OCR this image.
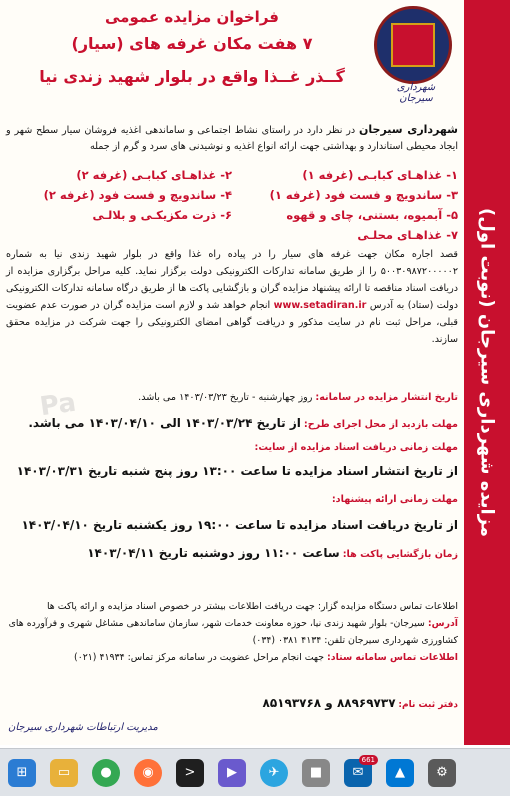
مزایده شهرداری سیرجان (نوبت اول)
شهرداری سیرجان
فراخوان مزایده عمومی
۷ هفت مکان غرفه های (سیار)
گــذر غــذا واقع در بلوار شهید زندی نیا
شهرداری سیرجان در نظر دارد در راستای نشاط اجتماعی و ساماندهی اغذیه فروشان سیار سطح شهر و ایجاد محیطی استاندارد و بهداشتی جهت ارائه انواع اغذیه و نوشیدنی های سرد و گرم از جمله
۱- غذاهـای کبابـی (غرفه ۱)
۲- غذاهـای کبابـی (غرفه ۲)
۳- ساندویچ و فست فود (غرفه ۱)
۴- ساندویچ و فست فود (غرفه ۲)
۵- آبمیوه، بستنی، چای و قهوه
۶- ذرت مکزیکـی و بلالـی
۷- غذاهـای محلـی
قصد اجاره مکان جهت غرفه های سیار را در پیاده راه غذا واقع در بلوار شهید زندی نیا به شماره ۵۰۰۳۰۹۸۷۲۰۰۰۰۰۲ را از طریق سامانه تدارکات الکترونیکی دولت برگزار نماید. کلیه مراحل برگزاری مزایده از دریافت اسناد مناقصه تا ارائه پیشنهاد مزایده گران و بازگشایی پاکت ها از طریق درگاه سامانه تدارکات الکترونیکی دولت (ستاد) به آدرس www.setadiran.ir انجام خواهد شد و لازم است مزایده گران در صورت عدم عضویت قبلی، مراحل ثبت نام در سایت مذکور و دریافت گواهی امضای الکترونیکی را جهت شرکت در مزایده محقق سازند.
تاریخ انتشار مزایده در سامانه: روز چهارشنبه - تاریخ ۱۴۰۳/۰۳/۲۳ می باشد.
مهلت بازدید از محل اجرای طرح: از تاریخ ۱۴۰۳/۰۳/۲۴ الی ۱۴۰۳/۰۴/۱۰ می باشد.
مهلت زمانی دریافت اسناد مزایده از سایت:
از تاریخ انتشار اسناد مزایده تا ساعت ۱۳:۰۰ روز پنج شنبه تاریخ ۱۴۰۳/۰۳/۳۱
مهلت زمانی ارائه پیشنهاد:
از تاریخ دریافت اسناد مزایده تا ساعت ۱۹:۰۰ روز یکشنبه تاریخ ۱۴۰۳/۰۴/۱۰
زمان بازگشایی پاکت ها: ساعت ۱۱:۰۰ روز دوشنبه تاریخ ۱۴۰۳/۰۴/۱۱
اطلاعات تماس دستگاه مزایده گزار: جهت دریافت اطلاعات بیشتر در خصوص اسناد مزایده و ارائه پاکت ها
آدرس: سیرجان- بلوار شهید زندی نیا، حوزه معاونت خدمات شهر، سازمان ساماندهی مشاغل شهری و فرآورده های کشاورزی شهرداری سیرجان تلفن: ۴۱۳۴ ۰۳۸۱ (۰۳۴)
اطلاعات تماس سامانه ستاد: جهت انجام مراحل عضویت در سامانه مرکز تماس: ۴۱۹۳۴ (۰۲۱)
دفتر ثبت نام: ۸۸۹۶۹۷۳۷ و ۸۵۱۹۳۷۶۸
مدیریت ارتباطات شهرداری سیرجان
Pa
⊞	▭	●	◉	>	▶	✈	■	✉
661
▲	⚙
